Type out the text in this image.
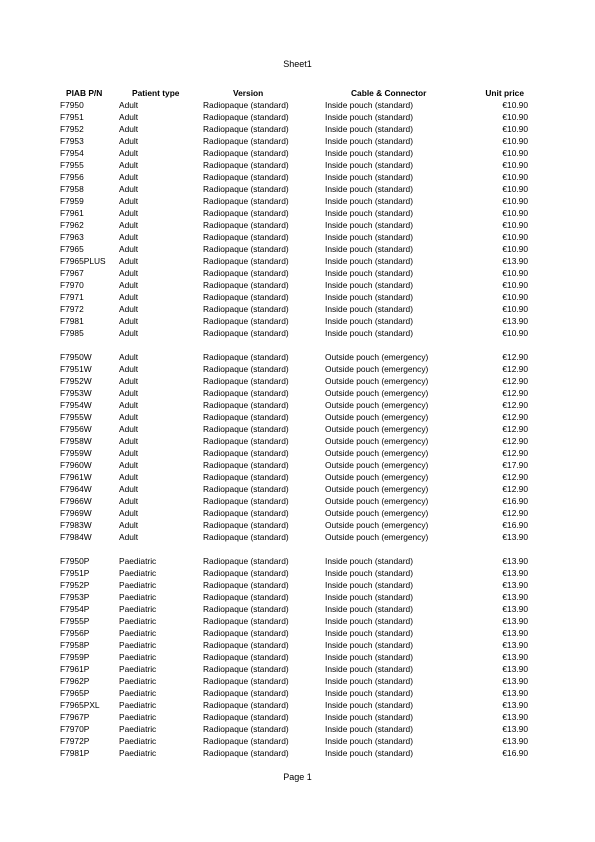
Sheet1
PIAB P/N	Patient type	Version	Cable & Connector	Unit price
F7950	Adult	Radiopaque (standard)	Inside pouch (standard)	€10.90
F7951	Adult	Radiopaque (standard)	Inside pouch (standard)	€10.90
F7952	Adult	Radiopaque (standard)	Inside pouch (standard)	€10.90
F7953	Adult	Radiopaque (standard)	Inside pouch (standard)	€10.90
F7954	Adult	Radiopaque (standard)	Inside pouch (standard)	€10.90
F7955	Adult	Radiopaque (standard)	Inside pouch (standard)	€10.90
F7956	Adult	Radiopaque (standard)	Inside pouch (standard)	€10.90
F7958	Adult	Radiopaque (standard)	Inside pouch (standard)	€10.90
F7959	Adult	Radiopaque (standard)	Inside pouch (standard)	€10.90
F7961	Adult	Radiopaque (standard)	Inside pouch (standard)	€10.90
F7962	Adult	Radiopaque (standard)	Inside pouch (standard)	€10.90
F7963	Adult	Radiopaque (standard)	Inside pouch (standard)	€10.90
F7965	Adult	Radiopaque (standard)	Inside pouch (standard)	€10.90
F7965PLUS Adult	Radiopaque (standard)	Inside pouch (standard)	€13.90
F7967	Adult	Radiopaque (standard)	Inside pouch (standard)	€10.90
F7970	Adult	Radiopaque (standard)	Inside pouch (standard)	€10.90
F7971	Adult	Radiopaque (standard)	Inside pouch (standard)	€10.90
F7972	Adult	Radiopaque (standard)	Inside pouch (standard)	€10.90
F7981	Adult	Radiopaque (standard)	Inside pouch (standard)	€13.90
F7985	Adult	Radiopaque (standard)	Inside pouch (standard)	€10.90
F7950W	Adult	Radiopaque (standard)	Outside pouch (emergency)	€12.90
F7951W	Adult	Radiopaque (standard)	Outside pouch (emergency)	€12.90
F7952W	Adult	Radiopaque (standard)	Outside pouch (emergency)	€12.90
F7953W	Adult	Radiopaque (standard)	Outside pouch (emergency)	€12.90
F7954W	Adult	Radiopaque (standard)	Outside pouch (emergency)	€12.90
F7955W	Adult	Radiopaque (standard)	Outside pouch (emergency)	€12.90
F7956W	Adult	Radiopaque (standard)	Outside pouch (emergency)	€12.90
F7958W	Adult	Radiopaque (standard)	Outside pouch (emergency)	€12.90
F7959W	Adult	Radiopaque (standard)	Outside pouch (emergency)	€12.90
F7960W	Adult	Radiopaque (standard)	Outside pouch (emergency)	€17.90
F7961W	Adult	Radiopaque (standard)	Outside pouch (emergency)	€12.90
F7964W	Adult	Radiopaque (standard)	Outside pouch (emergency)	€12.90
F7966W	Adult	Radiopaque (standard)	Outside pouch (emergency)	€16.90
F7969W	Adult	Radiopaque (standard)	Outside pouch (emergency)	€12.90
F7983W	Adult	Radiopaque (standard)	Outside pouch (emergency)	€16.90
F7984W	Adult	Radiopaque (standard)	Outside pouch (emergency)	€13.90
F7950P	Paediatric	Radiopaque (standard)	Inside pouch (standard)	€13.90
F7951P	Paediatric	Radiopaque (standard)	Inside pouch (standard)	€13.90
F7952P	Paediatric	Radiopaque (standard)	Inside pouch (standard)	€13.90
F7953P	Paediatric	Radiopaque (standard)	Inside pouch (standard)	€13.90
F7954P	Paediatric	Radiopaque (standard)	Inside pouch (standard)	€13.90
F7955P	Paediatric	Radiopaque (standard)	Inside pouch (standard)	€13.90
F7956P	Paediatric	Radiopaque (standard)	Inside pouch (standard)	€13.90
F7958P	Paediatric	Radiopaque (standard)	Inside pouch (standard)	€13.90
F7959P	Paediatric	Radiopaque (standard)	Inside pouch (standard)	€13.90
F7961P	Paediatric	Radiopaque (standard)	Inside pouch (standard)	€13.90
F7962P	Paediatric	Radiopaque (standard)	Inside pouch (standard)	€13.90
F7965P	Paediatric	Radiopaque (standard)	Inside pouch (standard)	€13.90
F7965PXL Paediatric	Radiopaque (standard)	Inside pouch (standard)	€13.90
F7967P	Paediatric	Radiopaque (standard)	Inside pouch (standard)	€13.90
F7970P	Paediatric	Radiopaque (standard)	Inside pouch (standard)	€13.90
F7972P	Paediatric	Radiopaque (standard)	Inside pouch (standard)	€13.90
F7981P	Paediatric	Radiopaque (standard)	Inside pouch (standard)	€16.90
Page 1
